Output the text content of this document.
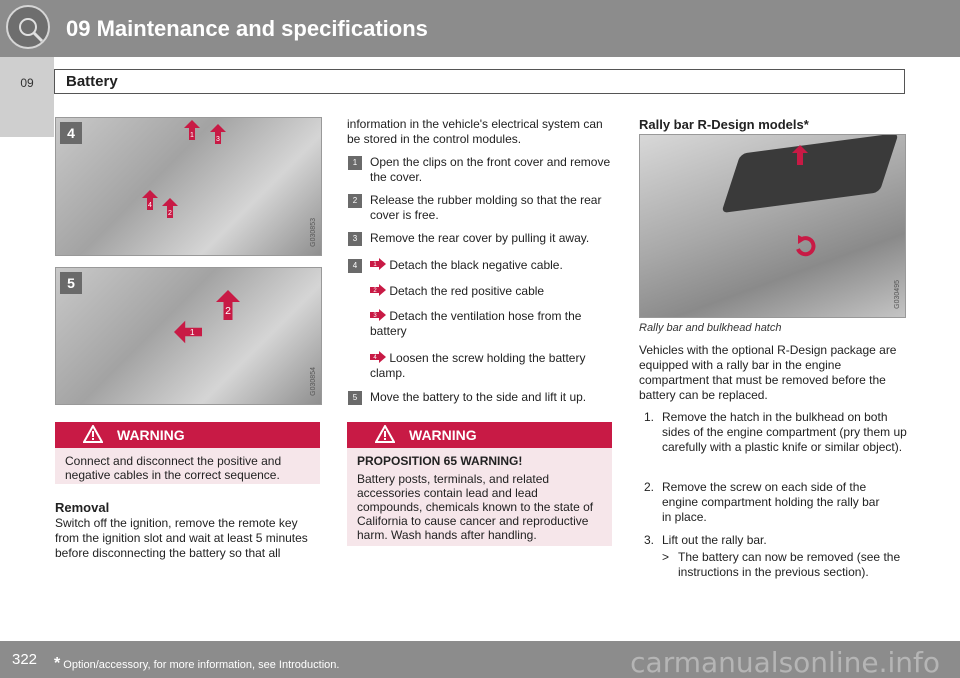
09 Maintenance and specifications
09	Battery
4	1
3
4
2
G030853
5
2
1
G030854
WARNING
Connect and disconnect the positive and negative cables in the correct sequence.
Removal
Switch off the ignition, remove the remote key from the ignition slot and wait at least 5 minutes before disconnecting the battery so that all
information in the vehicle's electrical system can be stored in the control modules.
1	Open the clips on the front cover and remove the cover.
2	Release the rubber molding so that the rear cover is free.
3	Remove the rear cover by pulling it away.
4	1 Detach the black negative cable.
2 Detach the red positive cable
3 Detach the ventilation hose from the battery
4 Loosen the screw holding the battery clamp.
5	Move the battery to the side and lift it up.
WARNING
PROPOSITION 65 WARNING!
Battery posts, terminals, and related accessories contain lead and lead compounds, chemicals known to the state of California to cause cancer and reproductive harm. Wash hands after handling.
Rally bar R-Design models*
G030495
Rally bar and bulkhead hatch
Vehicles with the optional R-Design package are equipped with a rally bar in the engine compartment that must be removed before the battery can be replaced.
1. Remove the hatch in the bulkhead on both sides of the engine compartment (pry them up carefully with a plastic knife or similar object).
2. Remove the screw on each side of the engine compartment holding the rally bar in place.
3. Lift out the rally bar.
> The battery can now be removed (see the instructions in the previous section).
322 * Option/accessory, for more information, see Introduction.	carmanualsonline.info
